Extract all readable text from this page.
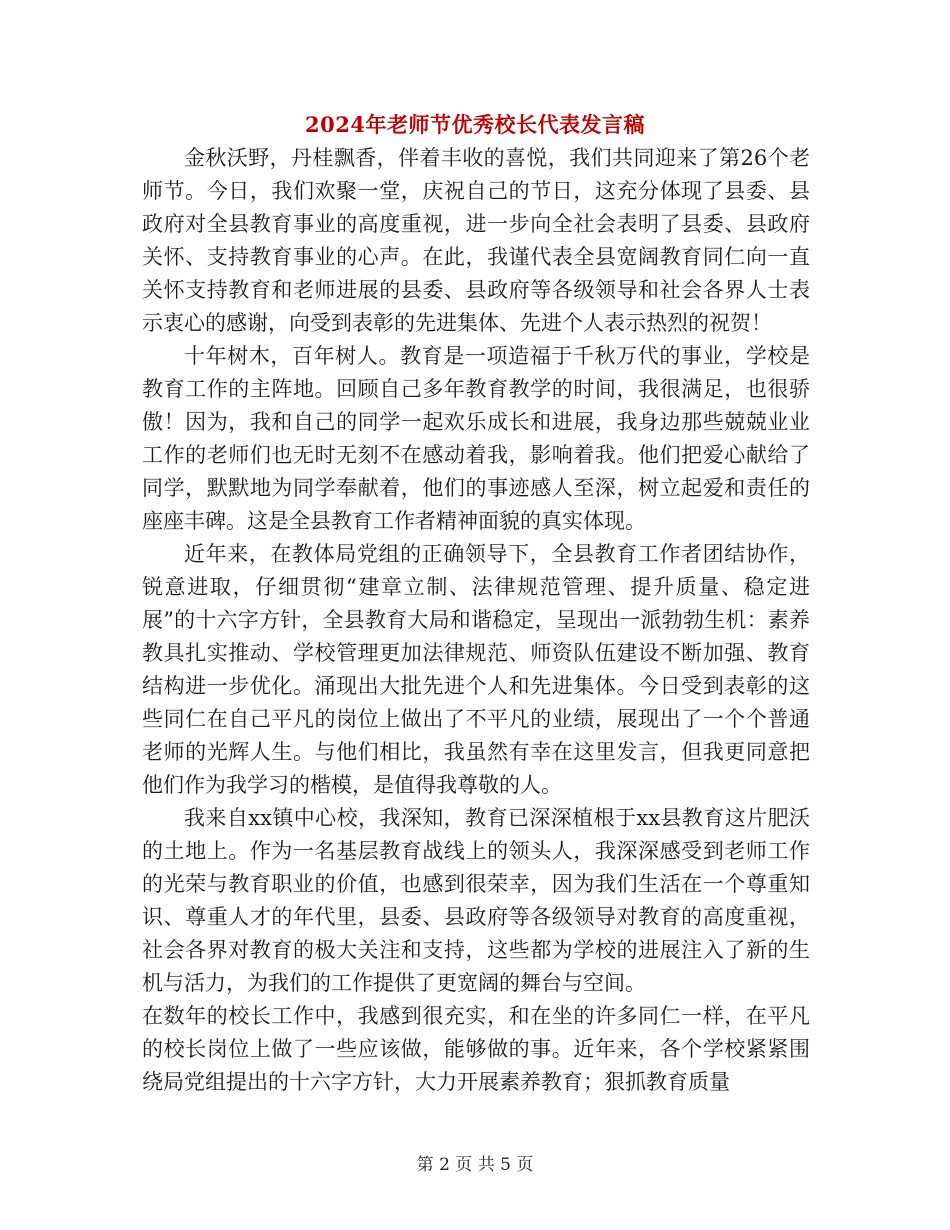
2024年老师节优秀校长代表发言稿

金秋沃野，丹桂飘香，伴着丰收的喜悦，我们共同迎来了第26个老师节。今日，我们欢聚一堂，庆祝自己的节日，这充分体现了县委、县政府对全县教育事业的高度重视，进一步向全社会表明了县委、县政府关怀、支持教育事业的心声。在此，我谨代表全县宽阔教育同仁向一直关怀支持教育和老师进展的县委、县政府等各级领导和社会各界人士表示衷心的感谢，向受到表彰的先进集体、先进个人表示热烈的祝贺！

十年树木，百年树人。教育是一项造福于千秋万代的事业，学校是教育工作的主阵地。回顾自己多年教育教学的时间，我很满足，也很骄傲！因为，我和自己的同学一起欢乐成长和进展，我身边那些兢兢业业工作的老师们也无时无刻不在感动着我，影响着我。他们把爱心献给了同学，默默地为同学奉献着，他们的事迹感人至深，树立起爱和责任的座座丰碑。这是全县教育工作者精神面貌的真实体现。

近年来，在教体局党组的正确领导下，全县教育工作者团结协作，锐意进取，仔细贯彻“建章立制、法律规范管理、提升质量、稳定进展”的十六字方针，全县教育大局和谐稳定，呈现出一派勃勃生机：素养教具扎实推动、学校管理更加法律规范、师资队伍建设不断加强、教育结构进一步优化。涌现出大批先进个人和先进集体。今日受到表彰的这些同仁在自己平凡的岗位上做出了不平凡的业绩，展现出了一个个普通老师的光辉人生。与他们相比，我虽然有幸在这里发言，但我更同意把他们作为我学习的楷模，是值得我尊敬的人。

我来自xx镇中心校，我深知，教育已深深植根于xx县教育这片肥沃的土地上。作为一名基层教育战线上的领头人，我深深感受到老师工作的光荣与教育职业的价值，也感到很荣幸，因为我们生活在一个尊重知识、尊重人才的年代里，县委、县政府等各级领导对教育的高度重视，社会各界对教育的极大关注和支持，这些都为学校的进展注入了新的生机与活力，为我们的工作提供了更宽阔的舞台与空间。

在数年的校长工作中，我感到很充实，和在坐的许多同仁一样，在平凡的校长岗位上做了一些应该做，能够做的事。近年来，各个学校紧紧围绕局党组提出的十六字方针，大力开展素养教育；狠抓教育质量

第 2 页 共 5 页
